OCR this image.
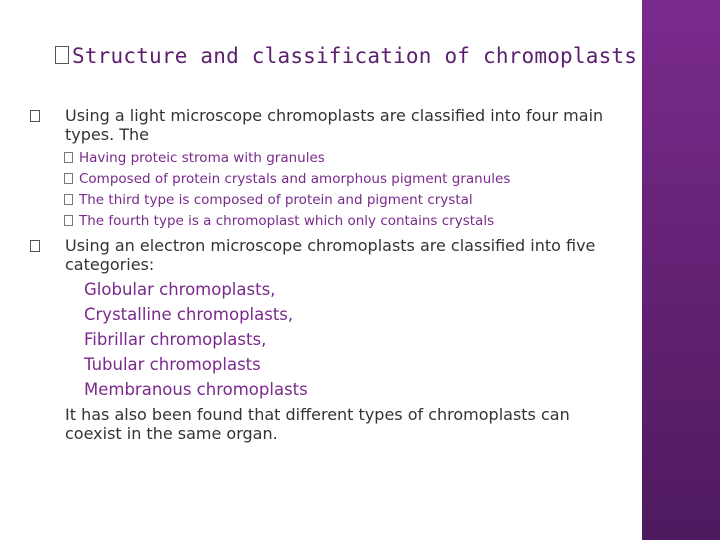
Structure and classification of chromoplasts
Using a light microscope chromoplasts are classified into four main types. The
Having proteic stroma with granules
Composed of protein crystals and amorphous pigment granules
The third type is composed of protein and pigment crystal
The fourth type is a chromoplast which only contains crystals
Using an electron microscope chromoplasts are classified into five categories:
Globular chromoplasts,
Crystalline chromoplasts,
Fibrillar chromoplasts,
Tubular chromoplasts
Membranous chromoplasts
It has also been found that different types of chromoplasts can coexist in the same organ.
